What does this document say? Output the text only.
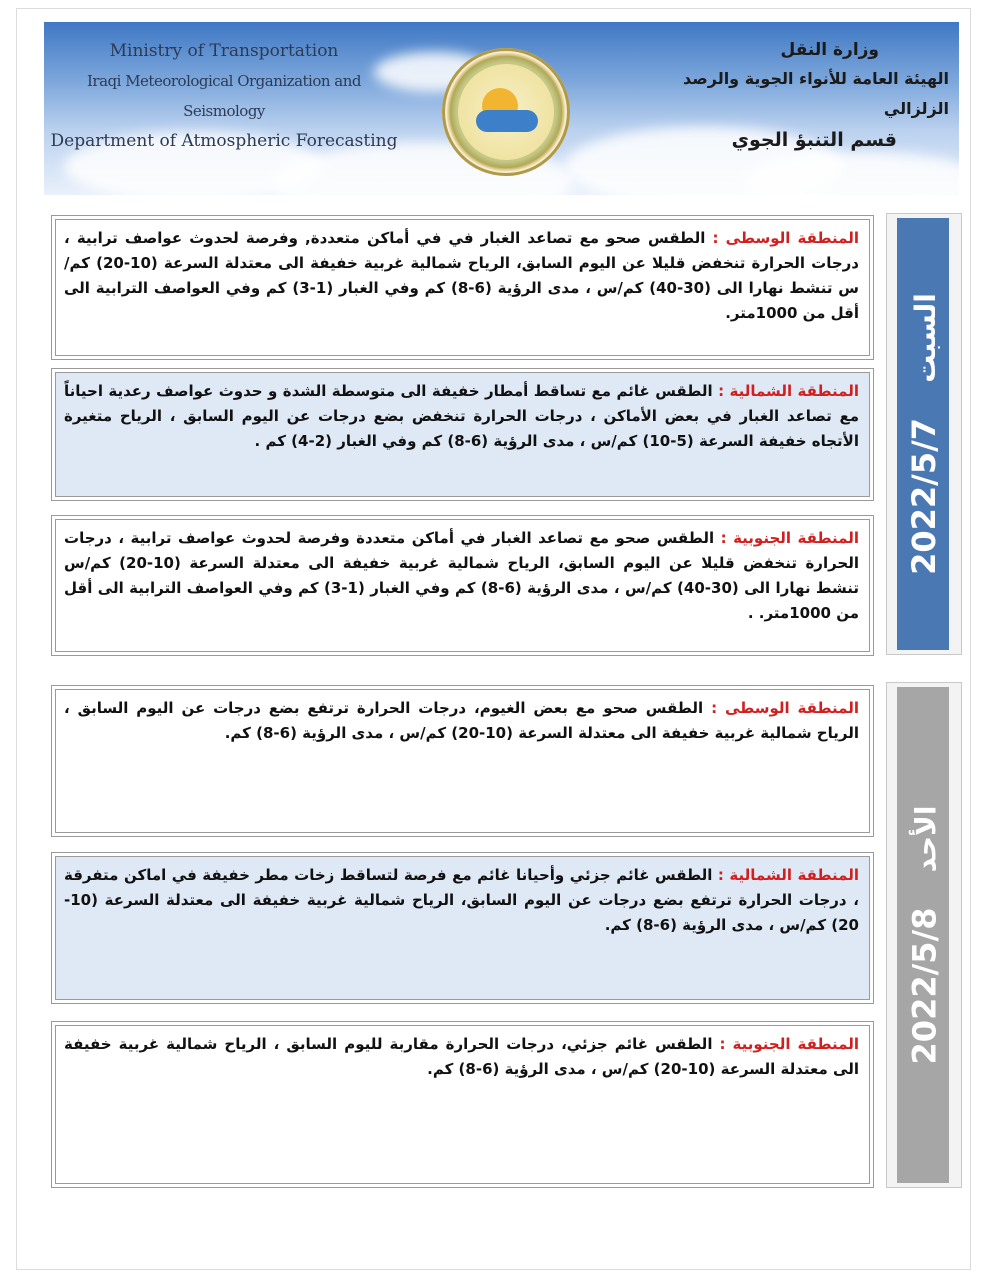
Ministry of Transportation
Iraqi Meteorological Organization and Seismology
Department of Atmospheric Forecasting
وزارة النقل
الهيئة العامة للأنواء الجوية والرصد الزلزالي
قسم التنبؤ الجوي
2022/5/7 السبت
المنطقة الوسطى : الطقس صحو مع تصاعد الغبار في في أماكن متعددة, وفرصة لحدوث عواصف ترابية ، درجات الحرارة تنخفض قليلا عن اليوم السابق، الرياح شمالية غربية خفيفة الى معتدلة السرعة (10-20) كم/س تنشط نهارا الى (30-40) كم/س ، مدى الرؤية (6-8) كم وفي الغبار (1-3) كم وفي العواصف الترابية الى أقل من 1000متر.
المنطقة الشمالية : الطقس غائم مع تساقط أمطار خفيفة الى متوسطة الشدة و حدوث عواصف رعدية احياناً مع تصاعد الغبار في بعض الأماكن ، درجات الحرارة تنخفض بضع درجات عن اليوم السابق ، الرياح متغيرة الأتجاه خفيفة السرعة (5-10) كم/س ، مدى الرؤية (6-8) كم وفي الغبار (2-4) كم .
المنطقة الجنوبية : الطقس صحو مع تصاعد الغبار في أماكن متعددة وفرصة لحدوث عواصف ترابية ، درجات الحرارة تنخفض قليلا عن اليوم السابق، الرياح شمالية غربية خفيفة الى معتدلة السرعة (10-20) كم/س تنشط نهارا الى (30-40) كم/س ، مدى الرؤية (6-8) كم وفي الغبار (1-3) كم وفي العواصف الترابية الى أقل من 1000متر. .
2022/5/8 الأحد
المنطقة الوسطى : الطقس صحو مع بعض الغيوم، درجات الحرارة ترتفع بضع درجات عن اليوم السابق ، الرياح شمالية غربية خفيفة الى معتدلة السرعة (10-20) كم/س ، مدى الرؤية (6-8) كم.
المنطقة الشمالية : الطقس غائم جزئي وأحيانا غائم مع فرصة لتساقط زخات مطر خفيفة في اماكن متفرقة ، درجات الحرارة ترتفع بضع درجات عن اليوم السابق، الرياح شمالية غربية خفيفة الى معتدلة السرعة (10-20) كم/س ، مدى الرؤية (6-8) كم.
المنطقة الجنوبية : الطقس غائم جزئي، درجات الحرارة مقاربة لليوم السابق ، الرياح شمالية غربية خفيفة الى معتدلة السرعة (10-20) كم/س ، مدى الرؤية (6-8) كم.
